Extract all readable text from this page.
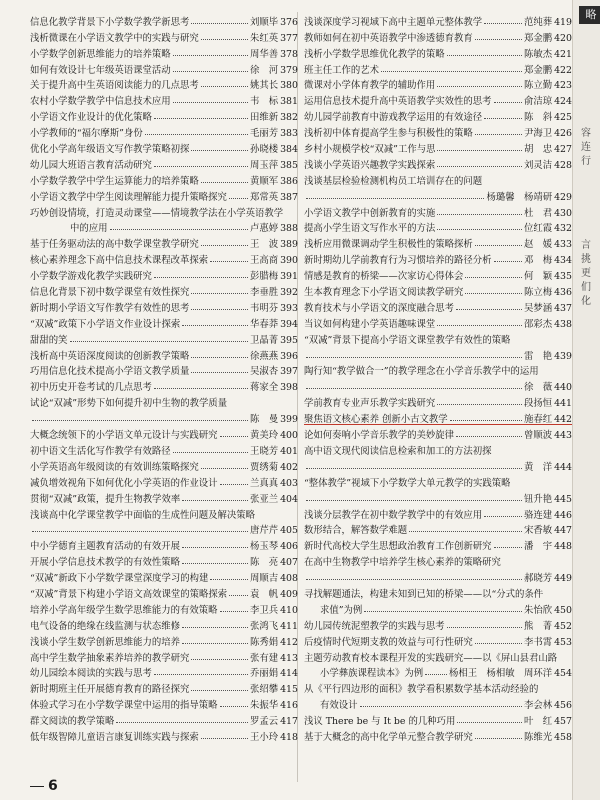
信息化教学背景下小学数学教学新思考	刘顺毕 376
浅析微课在小学语文教学中的实践与研究	朱红英 377
小学数学创新思维能力的培养策略	周华善 378
如何有效设计七年级英语课堂活动	徐　河 379
关于提升高中生英语阅读能力的几点思考	姚其长 380
农村小学数学教学中信息技术应用	韦　标 381
小学语文作业设计的优化策略	田维新 382
小学教师的“福尔摩斯”身份	毛丽芳 383
优化小学高年级语文写作教学策略初探	孙晓楼 384
幼儿园大班语言教育活动研究	周玉萍 385
小学数学教学中学生运算能力的培养策略	黄顺军 386
小学语文教学中学生阅读理解能力提升策略探究 郑常英 387
巧妙创设情境，打造灵动课堂——情境教学法在小学英语教学
中的应用	卢惠婷 388
基于任务驱动法的高中数学课堂教学研究	王　波 389
核心素养理念下高中信息技术课程改革探索	王高商 390
小学数学游戏化教学实践研究	彭腊梅 391
信息化背景下初中数学课堂有效性探究	李垂胜 392
新时期小学语文写作教学有效性的思考	韦明芬 393
“双减”政策下小学语文作业设计探索	华春莽 394
甜甜的笑	卫晶菁 395
浅析高中英语深度阅读的创新教学策略	徐燕燕 396
巧用信息化技术提高小学语文教学质量	吴淑杏 397
初中历史开卷考试的几点思考	蒋家全 398
试论“双减”形势下如何提升初中生物的教学质量
陈　曼 399
大概念统领下的小学语文单元设计与实践研究	黄美玲 400
初中语文生活化写作教学有效路径	王晓芳 401
小学英语高年级阅读的有效训练策略探究	贾绣菊 402
减负增效视角下如何优化小学英语的作业设计	兰真真 403
贯彻“双减”政策，提升生物教学效率	张亚兰 404
浅谈高中化学课堂教学中面临的生成性问题及解决策略
唐芹芹 405
中小学德育主题教育活动的有效开展	杨玉琴 406
开展小学信息技术教学的有效性策略	陈　亮 407
“双减”新政下小学数学课堂深度学习的构建	周顺吉 408
“双减”背景下构建小学语文高效课堂的策略探索 袁　帆 409
培养小学高年级学生数学思维能力的有效策略	李卫兵 410
电气设备的绝缘在线监测与状态维修	张鸿飞 411
浅谈小学生数学创新思维能力的培养	陈秀娟 412
高中学生数学抽象素养培养的教学研究	张有建 413
幼儿园绘本阅读的实践与思考	乔丽娟 414
新时期班主任开展德育教育的路径探究	张绍攀 415
体验式学习在小学数学课堂中运用的指导策略	朱振华 416
群文阅读的教学策略	罗孟云 417
低年级智障儿童语言康复训练实践与探索	王小玲 418
浅谈深度学习视域下高中主题单元整体教学	范纯葬 419
教师如何在初中英语教学中渗透德育教育	郑金鹏 420
浅析小学数学思维优化教学的策略	陈敏杰 421
班主任工作的艺术	郑金鹏 422
微课对小学体育教学的辅助作用	陈立勤 423
运用信息技术提升高中英语教学实效性的思考	俞洁琼 424
幼儿园学前教育中游戏教学运用的有效途径	陈　斜 425
浅析初中体育提高学生参与积极性的策略	尹海卫 426
乡村小规模学校“双减”工作与思	胡　忠 427
浅谈小学英语兴趣教学实践探索	刘灵洁 428
浅谈基层检验检测机构员工培训存在的问题
杨璐馨　杨靖研 429
小学语文教学中创新教育的实施	杜　君 430
提高小学生语文写作水平的方法	位红霞 432
浅析应用微课调动学生积极性的策略探析	赵　媛 433
新时期幼儿学前教育行为习惯培养的路径分析	邓　梅 434
情感是教育的桥梁——次家访心得体会	何　颖 435
生本教育理念下小学语文阅读教学研究	陈立梅 436
教育技术与小学语文的深度融合思考	吴梦涵 437
当议如何构建小学英语趣味课堂	邵彩杰 438
“双减”背景下提高小学语文课堂教学有效性的策略
雷　艳 439
陶行知“教学做合一”的教学理念在小学音乐教学中的运用
徐　薇 440
学前教育专业声乐教学实践研究	段扬恒 441
聚焦语文核心素养 创新小古文教学	施春红 442
论如何奏响小学音乐教学的美妙旋律	曾顺波 443
高中语文现代阅读信息检索和加工的方法初探
黄　洋 444
“整体教学”视域下小学数学大单元教学的实践策略
钮升艳 445
浅谈分层教学在初中数学教学中的有效应用	骆连建 446
数形结合，解答数学难题	宋香敏 447
新时代高校大学生思想政治教育工作创新研究	潘　宇 448
在高中生物教学中培养学生核心素养的策略研究
郝晓芳 449
寻找解题通法，构建未知到已知的桥梁——以“分式的条件
求值”为例	朱怡欣 450
幼儿园传统泥塑教学的实践与思考	熊　菁 452
后疫情时代短期支教的效益与可行性研究	李书霄 453
主题劳动教育校本课程开发的实践研究——以《屏山县君山路
小学彝族课程读本》为例	杨相王　杨相敏　周环洋 454
从《平行四边形的面积》教学看积累数学基本活动经验的
有效设计	李会林 456
浅议 There be 与 It be 的几种巧用	叶　红 457
基于大概念的高中化学单元整合教学研究	陈维光 458
6
略
容
连
行
言
挑
更
们
化
